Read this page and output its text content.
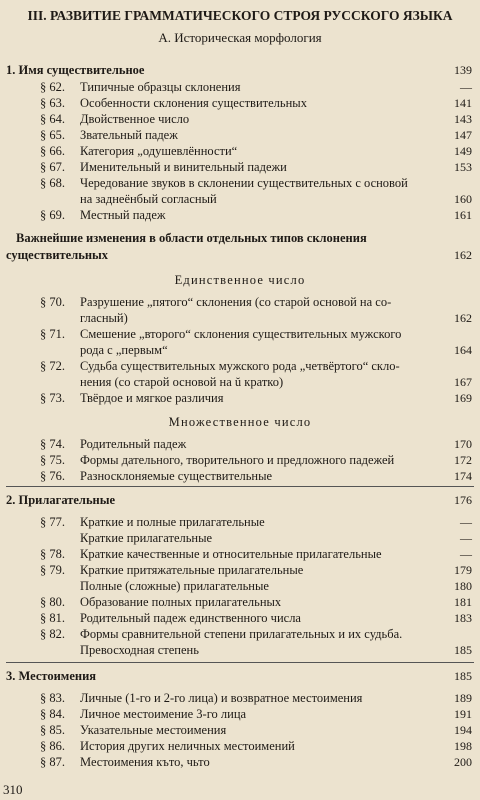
III. РАЗВИТИЕ ГРАММАТИЧЕСКОГО СТРОЯ РУССКОГО ЯЗЫКА
А. Историческая морфология
1. Имя существительное	139
§ 62.	Типичные образцы склонения	—
§ 63.	Особенности склонения существительных	141
§ 64.	Двойственное число	143
§ 65.	Звательный падеж	147
§ 66.	Категория „одушевлённости“	149
§ 67.	Именительный и винительный падежи	153
§ 68.	Чередование звуков в склонении существительных с основой
на заднеёнбый согласный	160
§ 69.	Местный падеж	161
Важнейшие изменения в области отдельных типов склонения
существительных	162
Единственное число
§ 70.	Разрушение „пятого“ склонения (со старой основой на со-
гласный)	162
§ 71.	Смешение „второго“ склонения существительных мужского
рода с „первым“	164
§ 72.	Судьба существительных мужского рода „четвёртого“ скло-
нения (со старой основой на ŭ кратко)	167
§ 73.	Твёрдое и мягкое различия	169
Множественное число
§ 74.	Родительный падеж	170
§ 75.	Формы дательного, творительного и предложного падежей	172
§ 76.	Разносклоняемые существительные	174
2. Прилагательные	176
§ 77.	Краткие и полные прилагательные	—
Краткие прилагательные	—
§ 78.	Краткие качественные и относительные прилагательные	—
§ 79.	Краткие притяжательные прилагательные	179
Полные (сложные) прилагательные	180
§ 80.	Образование полных прилагательных	181
§ 81.	Родительный падеж единственного числа	183
§ 82.	Формы сравнительной степени прилагательных и их судьба.
Превосходная степень	185
3. Местоимения	185
§ 83.	Личные (1-го и 2-го лица) и возвратное местоимения	189
§ 84.	Личное местоимение 3-го лица	191
§ 85.	Указательные местоимения	194
§ 86.	История других неличных местоимений	198
§ 87.	Местоимения къто, чьто	200
310
